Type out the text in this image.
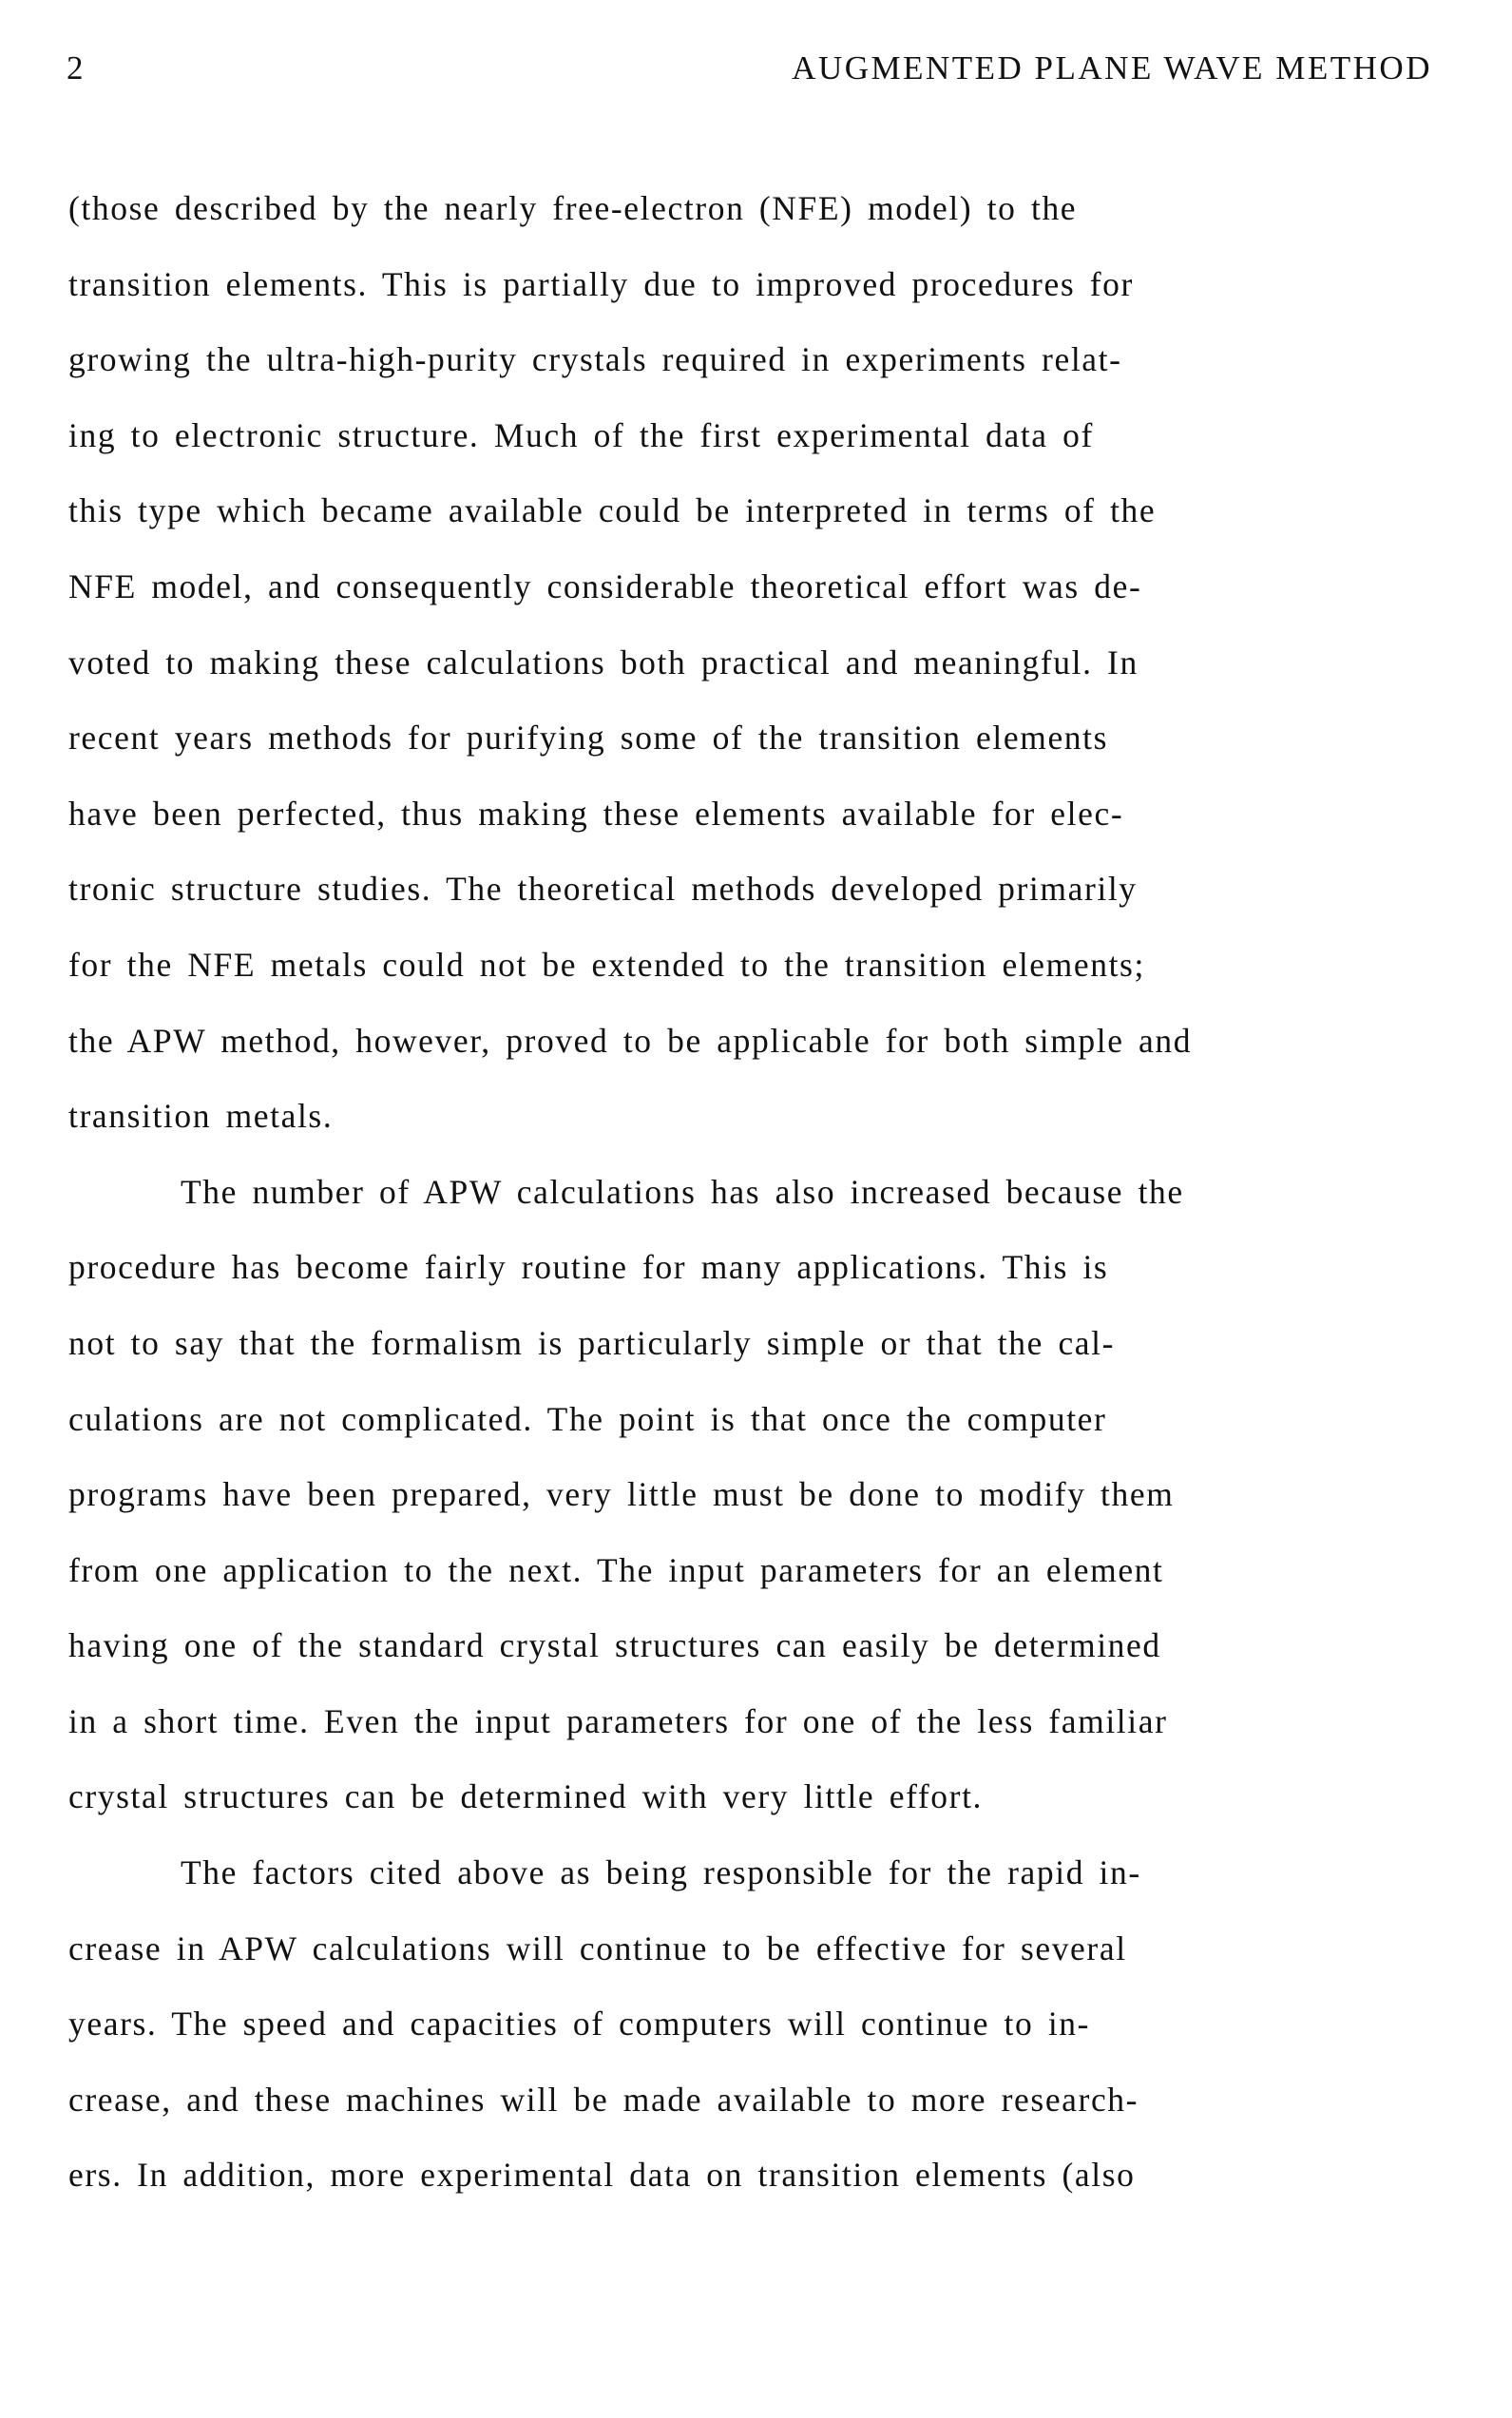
2	AUGMENTED PLANE WAVE METHOD
(those described by the nearly free-electron (NFE) model) to the
transition elements. This is partially due to improved procedures for
growing the ultra-high-purity crystals required in experiments relat-
ing to electronic structure. Much of the first experimental data of
this type which became available could be interpreted in terms of the
NFE model, and consequently considerable theoretical effort was de-
voted to making these calculations both practical and meaningful. In
recent years methods for purifying some of the transition elements
have been perfected, thus making these elements available for elec-
tronic structure studies. The theoretical methods developed primarily
for the NFE metals could not be extended to the transition elements;
the APW method, however, proved to be applicable for both simple and
transition metals.
The number of APW calculations has also increased because the
procedure has become fairly routine for many applications. This is
not to say that the formalism is particularly simple or that the cal-
culations are not complicated. The point is that once the computer
programs have been prepared, very little must be done to modify them
from one application to the next. The input parameters for an element
having one of the standard crystal structures can easily be determined
in a short time. Even the input parameters for one of the less familiar
crystal structures can be determined with very little effort.
The factors cited above as being responsible for the rapid in-
crease in APW calculations will continue to be effective for several
years. The speed and capacities of computers will continue to in-
crease, and these machines will be made available to more research-
ers. In addition, more experimental data on transition elements (also
